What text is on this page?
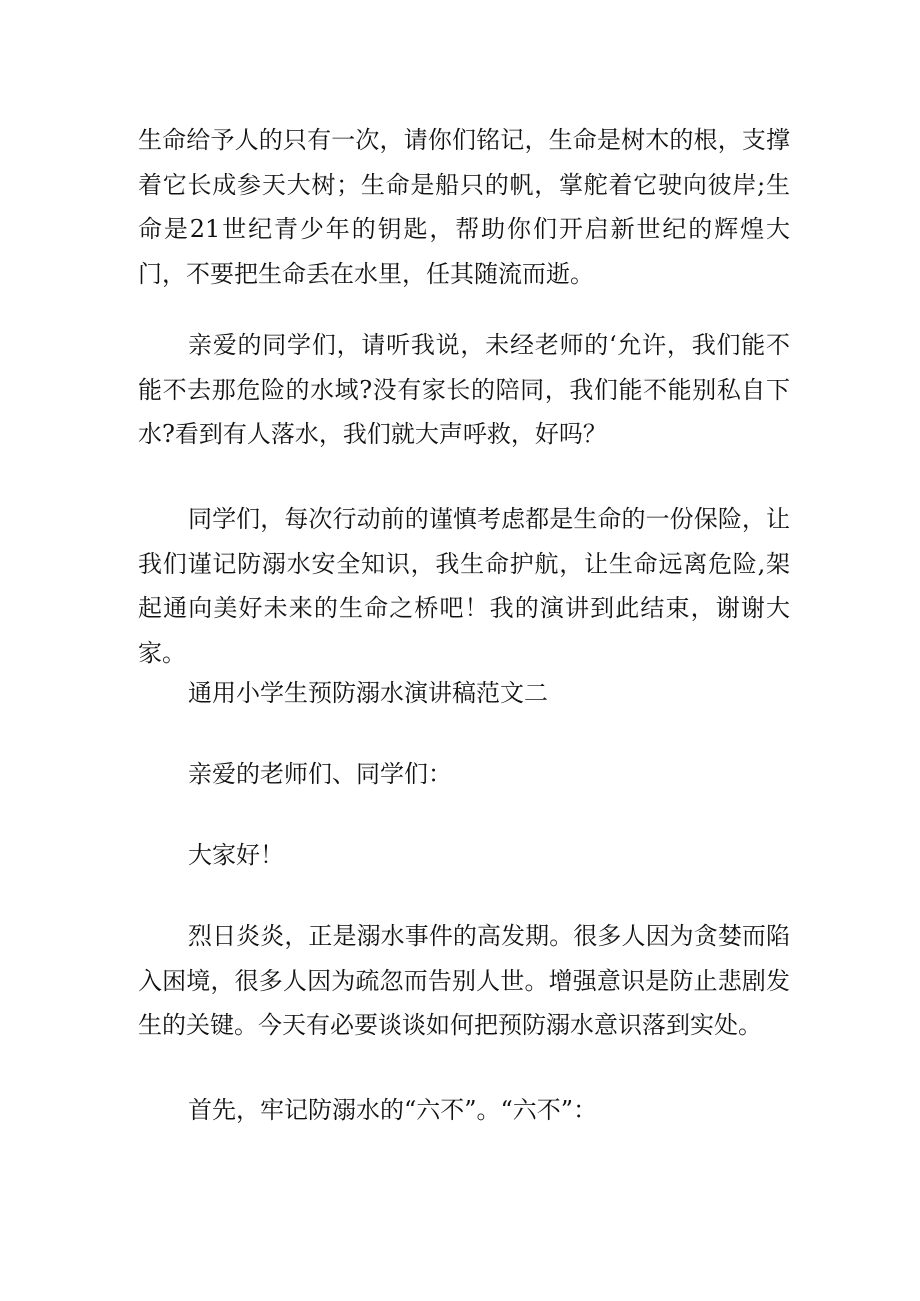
生命给予人的只有一次，请你们铭记，生命是树木的根，支撑着它长成参天大树；生命是船只的帆，掌舵着它驶向彼岸;生命是21世纪青少年的钥匙，帮助你们开启新世纪的辉煌大门，不要把生命丢在水里，任其随流而逝。

亲爱的同学们，请听我说，未经老师的‘允许，我们能不能不去那危险的水域?没有家长的陪同，我们能不能别私自下水?看到有人落水，我们就大声呼救，好吗？

同学们，每次行动前的谨慎考虑都是生命的一份保险，让我们谨记防溺水安全知识，我生命护航，让生命远离危险,架起通向美好未来的生命之桥吧！我的演讲到此结束，谢谢大家。

通用小学生预防溺水演讲稿范文二

亲爱的老师们、同学们：

大家好！

烈日炎炎，正是溺水事件的高发期。很多人因为贪婪而陷入困境，很多人因为疏忽而告别人世。增强意识是防止悲剧发生的关键。今天有必要谈谈如何把预防溺水意识落到实处。

首先，牢记防溺水的“六不”。“六不”：
